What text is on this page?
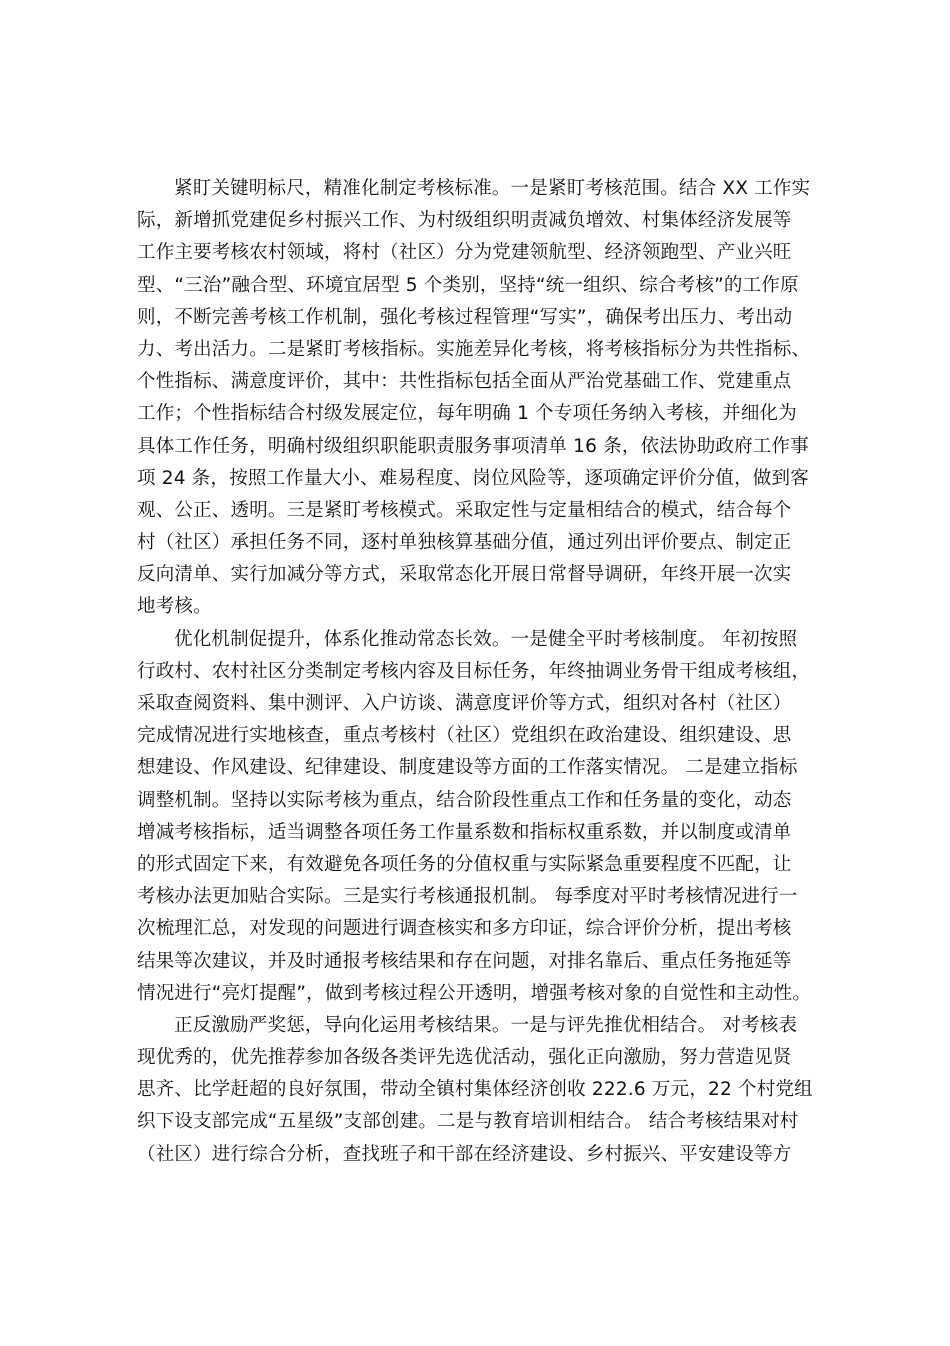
紧盯关键明标尺，精准化制定考核标准。一是紧盯考核范围。结合 XX 工作实
际，新增抓党建促乡村振兴工作、为村级组织明责减负增效、村集体经济发展等
工作主要考核农村领域，将村（社区）分为党建领航型、经济领跑型、产业兴旺
型、“三治”融合型、环境宜居型 5 个类别，坚持“统一组织、综合考核”的工作原
则，不断完善考核工作机制，强化考核过程管理“写实”，确保考出压力、考出动
力、考出活力。二是紧盯考核指标。实施差异化考核，将考核指标分为共性指标、
个性指标、满意度评价，其中：共性指标包括全面从严治党基础工作、党建重点
工作；个性指标结合村级发展定位，每年明确 1 个专项任务纳入考核，并细化为
具体工作任务，明确村级组织职能职责服务事项清单 16 条，依法协助政府工作事
项 24 条，按照工作量大小、难易程度、岗位风险等，逐项确定评价分值，做到客
观、公正、透明。三是紧盯考核模式。采取定性与定量相结合的模式，结合每个
村（社区）承担任务不同，逐村单独核算基础分值，通过列出评价要点、制定正
反向清单、实行加减分等方式，采取常态化开展日常督导调研，年终开展一次实
地考核。
优化机制促提升，体系化推动常态长效。一是健全平时考核制度。 年初按照
行政村、农村社区分类制定考核内容及目标任务，年终抽调业务骨干组成考核组，
采取查阅资料、集中测评、入户访谈、满意度评价等方式，组织对各村（社区）
完成情况进行实地核查，重点考核村（社区）党组织在政治建设、组织建设、思
想建设、作风建设、纪律建设、制度建设等方面的工作落实情况。 二是建立指标
调整机制。坚持以实际考核为重点，结合阶段性重点工作和任务量的变化，动态
增减考核指标，适当调整各项任务工作量系数和指标权重系数，并以制度或清单
的形式固定下来，有效避免各项任务的分值权重与实际紧急重要程度不匹配，让
考核办法更加贴合实际。三是实行考核通报机制。 每季度对平时考核情况进行一
次梳理汇总，对发现的问题进行调查核实和多方印证，综合评价分析，提出考核
结果等次建议，并及时通报考核结果和存在问题，对排名靠后、重点任务拖延等
情况进行“亮灯提醒”，做到考核过程公开透明，增强考核对象的自觉性和主动性。
正反激励严奖惩，导向化运用考核结果。一是与评先推优相结合。 对考核表
现优秀的，优先推荐参加各级各类评先选优活动，强化正向激励，努力营造见贤
思齐、比学赶超的良好氛围，带动全镇村集体经济创收 222.6 万元，22 个村党组
织下设支部完成“五星级”支部创建。二是与教育培训相结合。 结合考核结果对村
（社区）进行综合分析，查找班子和干部在经济建设、乡村振兴、平安建设等方
